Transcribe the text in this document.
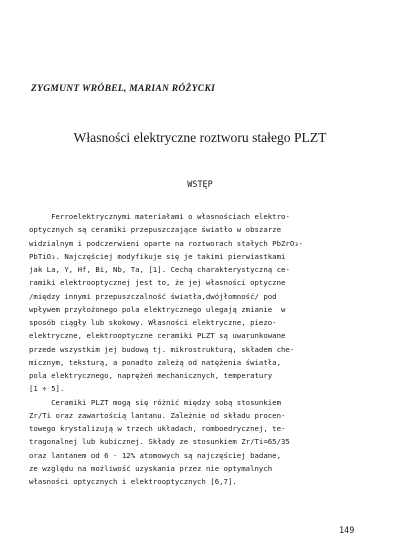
ZYGMUNT WRÓBEL, MARIAN RÓŻYCKI
Własności elektryczne roztworu stałego PLZT
WSTĘP
Ferroelektrycznymi materiałami o własnościach elektro-
optycznych są ceramiki przepuszczające światło w obszarze
widzialnym i podczerwieni oparte na roztworach stałych PbZrO₃-
PbTiO₃. Najczęściej modyfikuje się je takimi pierwiastkami
jak La, Y, Hf, Bi, Nb, Ta, [1]. Cechą charakterystyczną ce-
ramiki elektrooptycznej jest to, że jej własności optyczne
/między innymi przepuszczalność światła,dwójłomność/ pod
wpływem przyłożonego pola elektrycznego ulegają zmianie  w
sposób ciągły lub skokowy. Własności elektryczne, piezo-
elektryczne, elektrooptyczne ceramiki PLZT są uwarunkowane
przede wszystkim jej budową tj. mikrostrukturą, składem che-
micznym, teksturą, a ponadto zależą od natężenia światła,
pola elektrycznego, naprężeń mechanicznych, temperatury
[1 ÷ 5].
Ceramiki PLZT mogą się różnić między sobą stosunkiem
Zr/Ti oraz zawartością lantanu. Zależnie od składu procen-
towego krystalizują w trzech układach, romboedrycznej, te-
tragonalnej lub kubicznej. Składy ze stosunkiem Zr/Ti=65/35
oraz lantanem od 6 - 12% atomowych są najczęściej badane,
ze względu na możliwość uzyskania przez nie optymalnych
własności optycznych i elektrooptycznych [6,7].
149
